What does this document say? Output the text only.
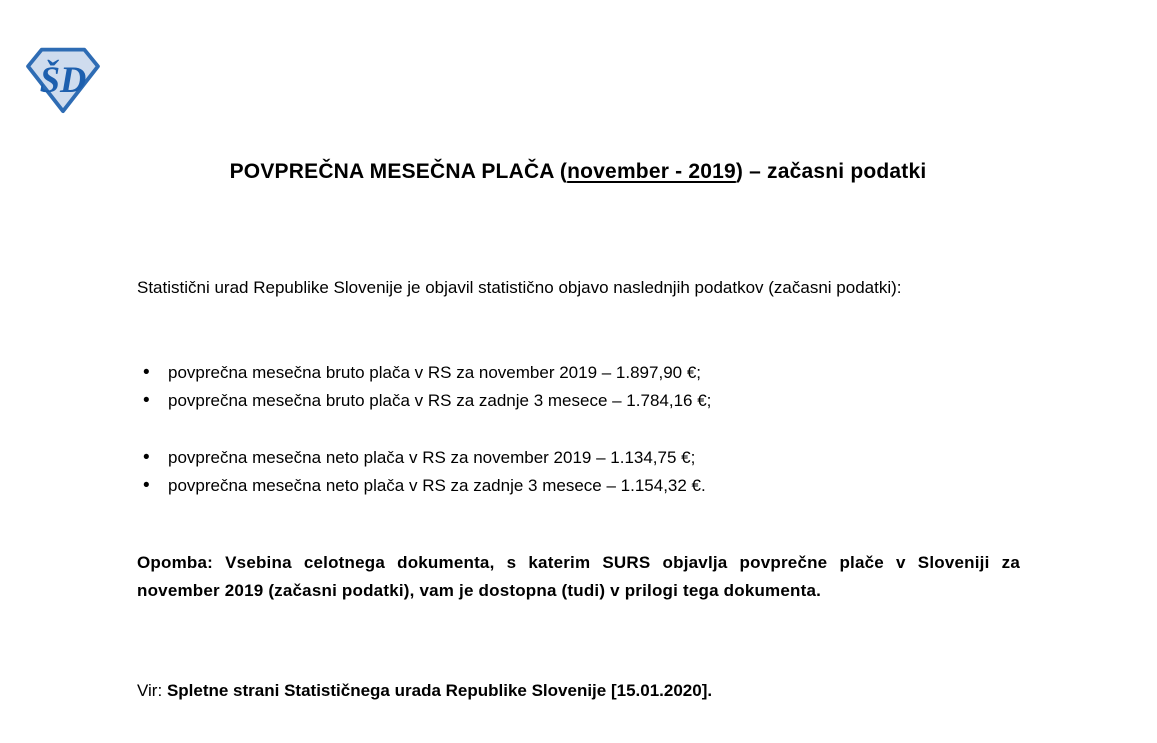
ŠD
POVPREČNA MESEČNA PLAČA (november - 2019) – začasni podatki

Statistični urad Republike Slovenije je objavil statistično objavo naslednjih podatkov (začasni podatki):

• povprečna mesečna bruto plača v RS za november 2019 – 1.897,90 €;
• povprečna mesečna bruto plača v RS za zadnje 3 mesece – 1.784,16 €;
• povprečna mesečna neto plača v RS za november 2019 – 1.134,75 €;
• povprečna mesečna neto plača v RS za zadnje 3 mesece – 1.154,32 €.

Opomba: Vsebina celotnega dokumenta, s katerim SURS objavlja povprečne plače v Sloveniji za november 2019 (začasni podatki), vam je dostopna (tudi) v prilogi tega dokumenta.

Vir: Spletne strani Statističnega urada Republike Slovenije [15.01.2020].
